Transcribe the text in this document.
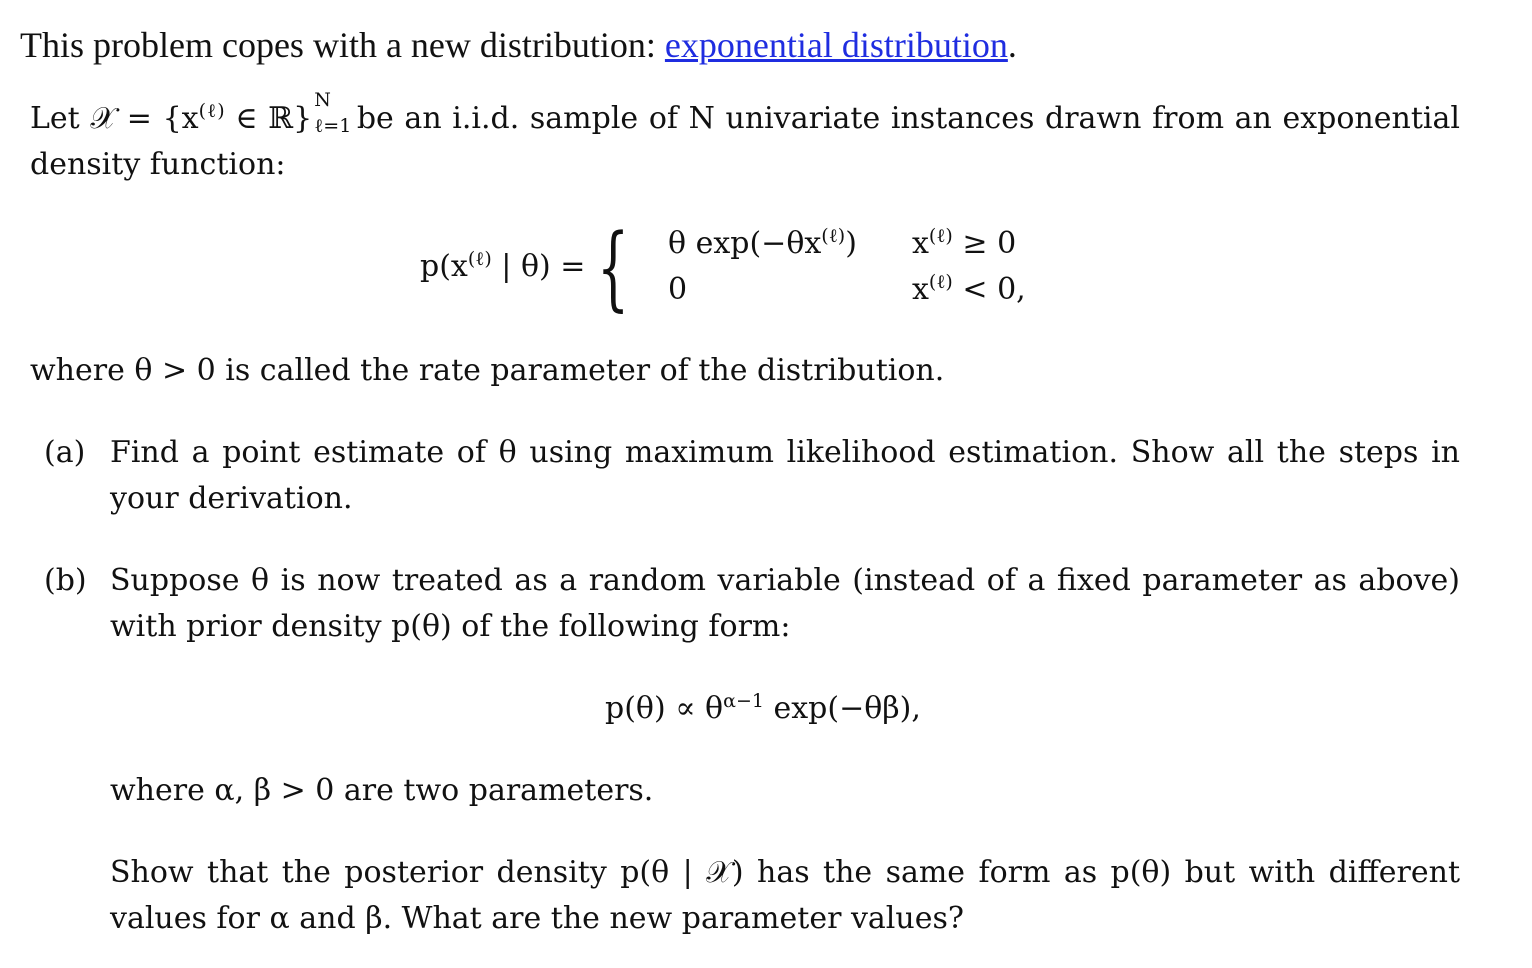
This problem copes with a new distribution: exponential distribution.
Let 𝒳 = {$x^{(\ell)}$ ∈ ℝ}
N
ℓ=1
be an i.i.d. sample of N univariate instances drawn from an exponential density function:
$p(x^{(\ell)}$ | θ) = { θ $\exp(-\theta x^{(\ell)}) x^{(\ell)} \ge 0$
0	$x^{(\ell)} < 0$,
where θ > 0 is called the rate parameter of the distribution.
(a) Find a point estimate of θ using maximum likelihood estimation. Show all the steps in your derivation.
(b) Suppose θ is now treated as a random variable (instead of a fixed parameter as above) with prior density p(θ) of the following form:
$p(\theta) \propto \theta^{\alpha-1}$ exp(−θβ),
where α, β > 0 are two parameters.
Show that the posterior density p(θ | 𝒳) has the same form as p(θ) but with different values for α and β. What are the new parameter values?
